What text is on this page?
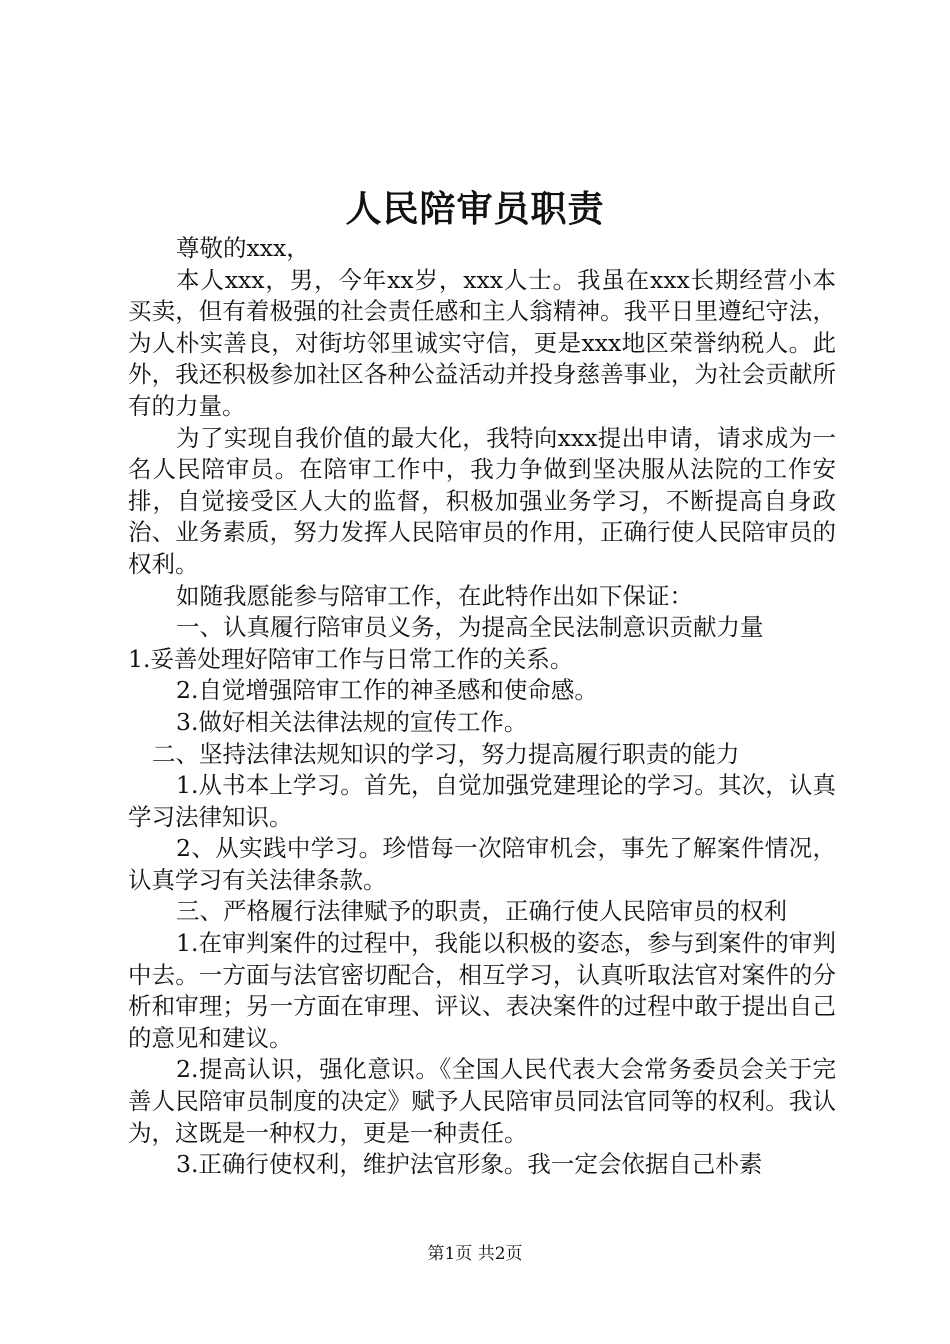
人民陪审员职责

尊敬的xxx，

本人xxx，男，今年xx岁，xxx人士。我虽在xxx长期经营小本买卖，但有着极强的社会责任感和主人翁精神。我平日里遵纪守法，为人朴实善良，对街坊邻里诚实守信，更是xxx地区荣誉纳税人。此外，我还积极参加社区各种公益活动并投身慈善事业，为社会贡献所有的力量。

为了实现自我价值的最大化，我特向xxx提出申请，请求成为一名人民陪审员。在陪审工作中，我力争做到坚决服从法院的工作安排，自觉接受区人大的监督，积极加强业务学习，不断提高自身政治、业务素质，努力发挥人民陪审员的作用，正确行使人民陪审员的权利。

如随我愿能参与陪审工作，在此特作出如下保证：

一、认真履行陪审员义务，为提高全民法制意识贡献力量

1.妥善处理好陪审工作与日常工作的关系。

2.自觉增强陪审工作的神圣感和使命感。

3.做好相关法律法规的宣传工作。

二、坚持法律法规知识的学习，努力提高履行职责的能力

1.从书本上学习。首先，自觉加强党建理论的学习。其次，认真学习法律知识。

2、从实践中学习。珍惜每一次陪审机会，事先了解案件情况，认真学习有关法律条款。

三、严格履行法律赋予的职责，正确行使人民陪审员的权利

1.在审判案件的过程中，我能以积极的姿态，参与到案件的审判中去。一方面与法官密切配合，相互学习，认真听取法官对案件的分析和审理；另一方面在审理、评议、表决案件的过程中敢于提出自己的意见和建议。

2.提高认识，强化意识。《全国人民代表大会常务委员会关于完善人民陪审员制度的决定》赋予人民陪审员同法官同等的权利。我认为，这既是一种权力，更是一种责任。

3.正确行使权利，维护法官形象。我一定会依据自己朴素

第1页 共2页
